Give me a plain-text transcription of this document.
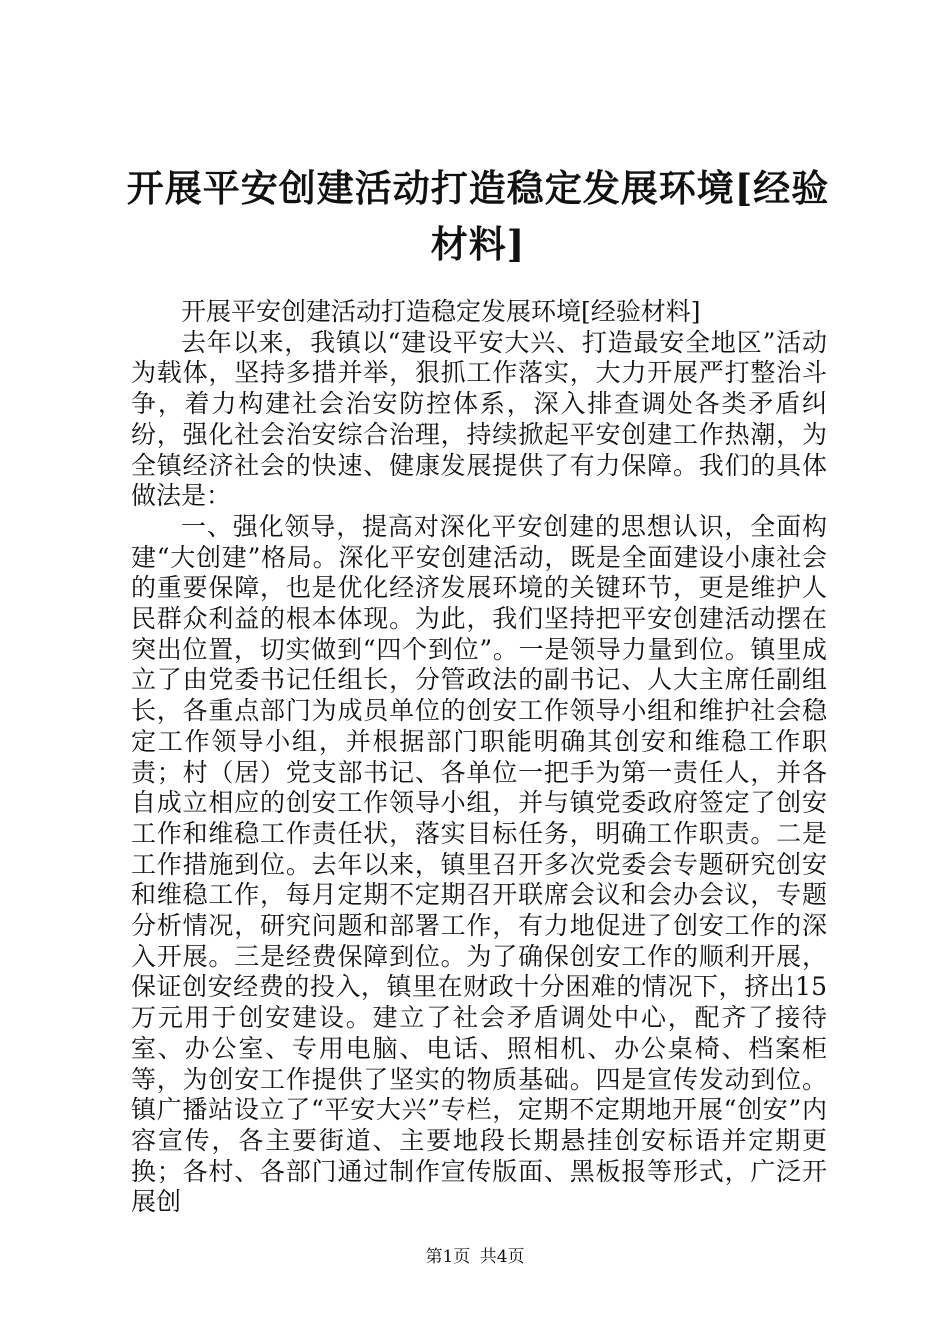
开展平安创建活动打造稳定发展环境[经验材料]

开展平安创建活动打造稳定发展环境[经验材料]

去年以来，我镇以“建设平安大兴、打造最安全地区”活动为载体，坚持多措并举，狠抓工作落实，大力开展严打整治斗争，着力构建社会治安防控体系，深入排查调处各类矛盾纠纷，强化社会治安综合治理，持续掀起平安创建工作热潮，为全镇经济社会的快速、健康发展提供了有力保障。我们的具体做法是：

一、强化领导，提高对深化平安创建的思想认识，全面构建“大创建”格局。深化平安创建活动，既是全面建设小康社会的重要保障，也是优化经济发展环境的关键环节，更是维护人民群众利益的根本体现。为此，我们坚持把平安创建活动摆在突出位置，切实做到“四个到位”。一是领导力量到位。镇里成立了由党委书记任组长，分管政法的副书记、人大主席任副组长，各重点部门为成员单位的创安工作领导小组和维护社会稳定工作领导小组，并根据部门职能明确其创安和维稳工作职责；村（居）党支部书记、各单位一把手为第一责任人，并各自成立相应的创安工作领导小组，并与镇党委政府签定了创安工作和维稳工作责任状，落实目标任务，明确工作职责。二是工作措施到位。去年以来，镇里召开多次党委会专题研究创安和维稳工作，每月定期不定期召开联席会议和会办会议，专题分析情况，研究问题和部署工作，有力地促进了创安工作的深入开展。三是经费保障到位。为了确保创安工作的顺利开展，保证创安经费的投入，镇里在财政十分困难的情况下，挤出15万元用于创安建设。建立了社会矛盾调处中心，配齐了接待室、办公室、专用电脑、电话、照相机、办公桌椅、档案柜等，为创安工作提供了坚实的物质基础。四是宣传发动到位。镇广播站设立了“平安大兴”专栏，定期不定期地开展“创安”内容宣传，各主要街道、主要地段长期悬挂创安标语并定期更换；各村、各部门通过制作宣传版面、黑板报等形式，广泛开展创

第1页 共4页
